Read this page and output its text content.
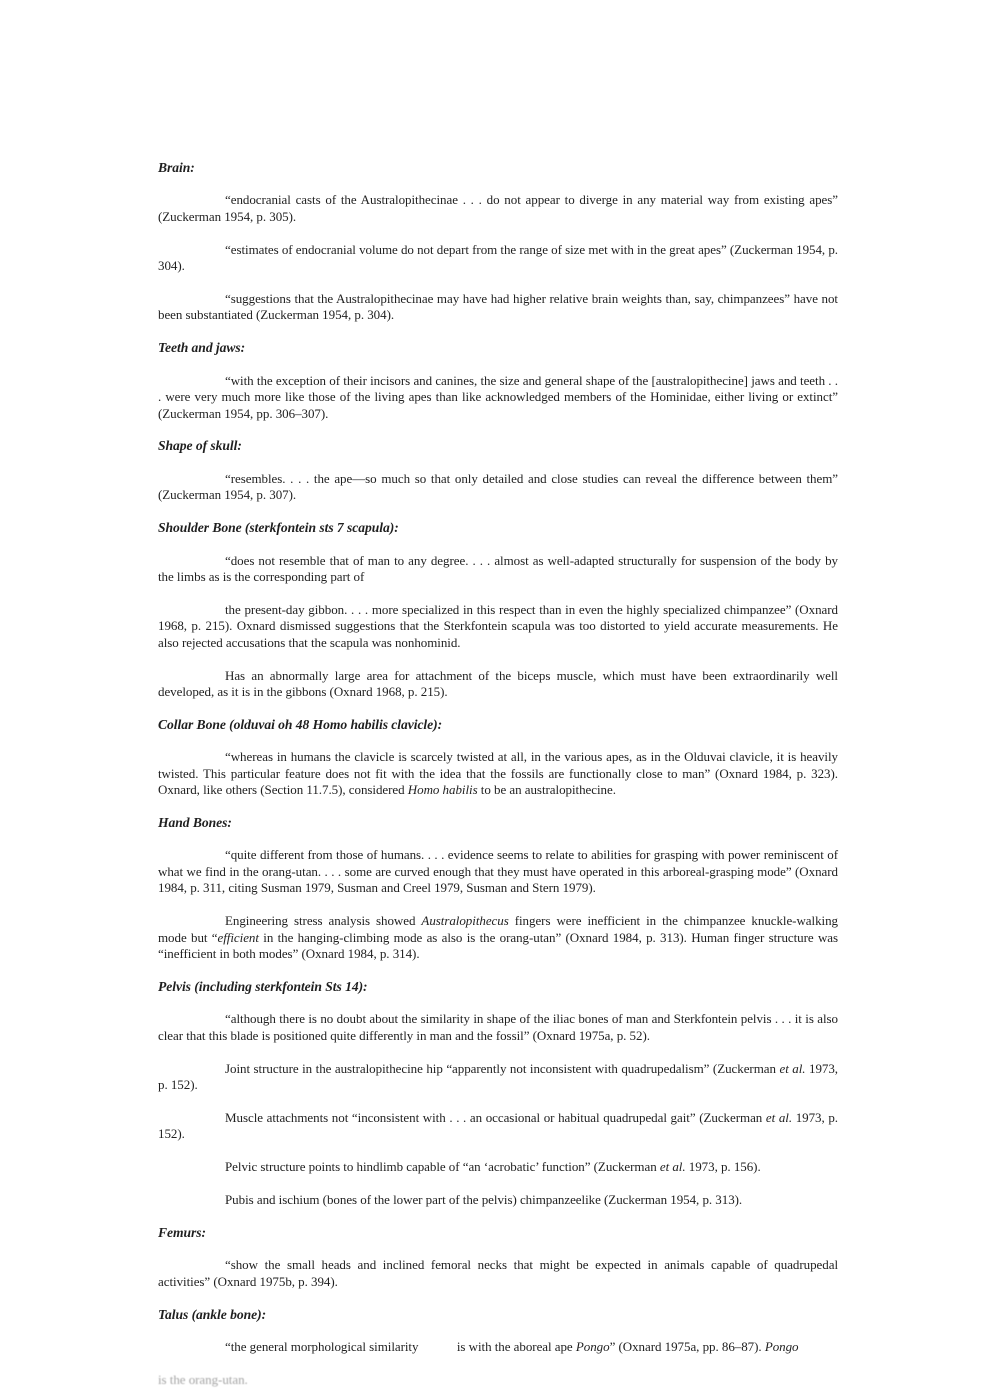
Brain:

“endocranial casts of the Australopithecinae . . . do not appear to diverge in any material way from existing apes” (Zuckerman 1954, p. 305).

“estimates of endocranial volume do not depart from the range of size met with in the great apes” (Zuckerman 1954, p. 304).

“suggestions that the Australopithecinae may have had higher relative brain weights than, say, chimpanzees” have not been substantiated (Zuckerman 1954, p. 304).

Teeth and jaws:

“with the exception of their incisors and canines, the size and general shape of the [australopithecine] jaws and teeth . . . were very much more like those of the living apes than like acknowledged members of the Hominidae, either living or extinct” (Zuckerman 1954, pp. 306–307).

Shape of skull:

“resembles. . . . the ape—so much so that only detailed and close studies can reveal the difference between them” (Zuckerman 1954, p. 307).

Shoulder Bone (sterkfontein sts 7 scapula):

“does not resemble that of man to any degree. . . . almost as well-adapted structurally for suspension of the body by the limbs as is the corresponding part of

the present-day gibbon. . . . more specialized in this respect than in even the highly specialized chimpanzee” (Oxnard 1968, p. 215). Oxnard dismissed suggestions that the Sterkfontein scapula was too distorted to yield accurate measurements. He also rejected accusations that the scapula was nonhominid.

Has an abnormally large area for attachment of the biceps muscle, which must have been extraordinarily well developed, as it is in the gibbons (Oxnard 1968, p. 215).

Collar Bone (olduvai oh 48 Homo habilis clavicle):

“whereas in humans the clavicle is scarcely twisted at all, in the various apes, as in the Olduvai clavicle, it is heavily twisted. This particular feature does not fit with the idea that the fossils are functionally close to man” (Oxnard 1984, p. 323). Oxnard, like others (Section 11.7.5), considered Homo habilis to be an australopithecine.

Hand Bones:

“quite different from those of humans. . . . evidence seems to relate to abilities for grasping with power reminiscent of what we find in the orang-utan. . . . some are curved enough that they must have operated in this arboreal-grasping mode” (Oxnard 1984, p. 311, citing Susman 1979, Susman and Creel 1979, Susman and Stern 1979).

Engineering stress analysis showed Australopithecus fingers were inefficient in the chimpanzee knuckle-walking mode but “efficient in the hanging-climbing mode as also is the orang-utan” (Oxnard 1984, p. 313). Human finger structure was “inefficient in both modes” (Oxnard 1984, p. 314).

Pelvis (including sterkfontein Sts 14):

“although there is no doubt about the similarity in shape of the iliac bones of man and Sterkfontein pelvis . . . it is also clear that this blade is positioned quite differently in man and the fossil” (Oxnard 1975a, p. 52).

Joint structure in the australopithecine hip “apparently not inconsistent with quadrupedalism” (Zuckerman et al. 1973, p. 152).

Muscle attachments not “inconsistent with . . . an occasional or habitual quadrupedal gait” (Zuckerman et al. 1973, p. 152).

Pelvic structure points to hindlimb capable of “an ‘acrobatic’ function” (Zuckerman et al. 1973, p. 156).

Pubis and ischium (bones of the lower part of the pelvis) chimpanzeelike (Zuckerman 1954, p. 313).

Femurs:

“show the small heads and inclined femoral necks that might be expected in animals capable of quadrupedal activities” (Oxnard 1975b, p. 394).

Talus (ankle bone):

“the general morphological similarity            is with the aboreal ape Pongo” (Oxnard 1975a, pp. 86–87). Pongo

is the orang-utan.
